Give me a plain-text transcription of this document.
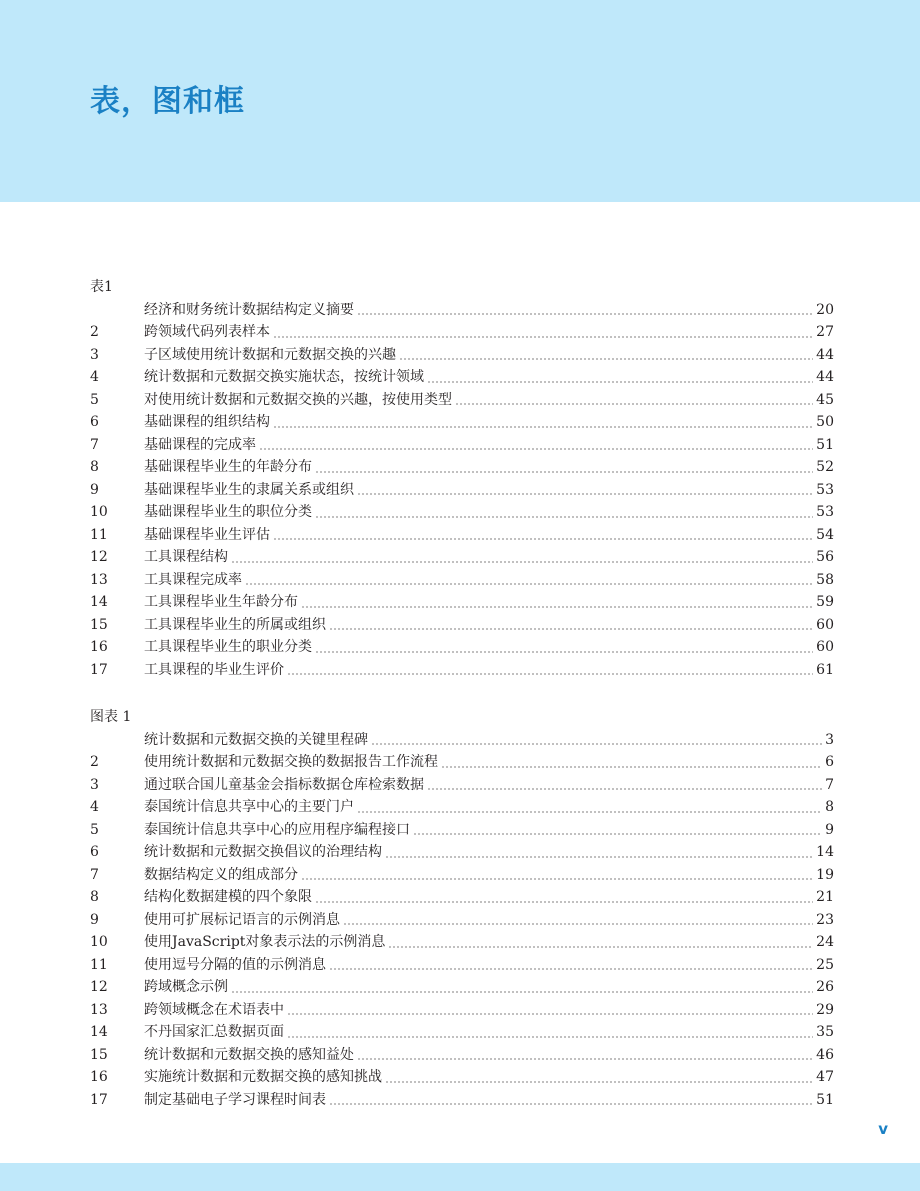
表，图和框
表1
经济和财务统计数据结构定义摘要	20
2	跨领域代码列表样本	27
3	子区域使用统计数据和元数据交换的兴趣	44
4	统计数据和元数据交换实施状态，按统计领域	44
5	对使用统计数据和元数据交换的兴趣，按使用类型	45
6	基础课程的组织结构	50
7	基础课程的完成率	51
8	基础课程毕业生的年龄分布	52
9	基础课程毕业生的隶属关系或组织	53
10	基础课程毕业生的职位分类	53
11	基础课程毕业生评估	54
12	工具课程结构	56
13	工具课程完成率	58
14	工具课程毕业生年龄分布	59
15	工具课程毕业生的所属或组织	60
16	工具课程毕业生的职业分类	60
17	工具课程的毕业生评价	61
图表 1
统计数据和元数据交换的关键里程碑	3
2	使用统计数据和元数据交换的数据报告工作流程	6
3	通过联合国儿童基金会指标数据仓库检索数据	7
4	泰国统计信息共享中心的主要门户	8
5	泰国统计信息共享中心的应用程序编程接口	9
6	统计数据和元数据交换倡议的治理结构	14
7	数据结构定义的组成部分	19
8	结构化数据建模的四个象限	21
9	使用可扩展标记语言的示例消息	23
10	使用JavaScript对象表示法的示例消息	24
11	使用逗号分隔的值的示例消息	25
12	跨域概念示例	26
13	跨领域概念在术语表中	29
14	不丹国家汇总数据页面	35
15	统计数据和元数据交换的感知益处	46
16	实施统计数据和元数据交换的感知挑战	47
17	制定基础电子学习课程时间表	51
v
